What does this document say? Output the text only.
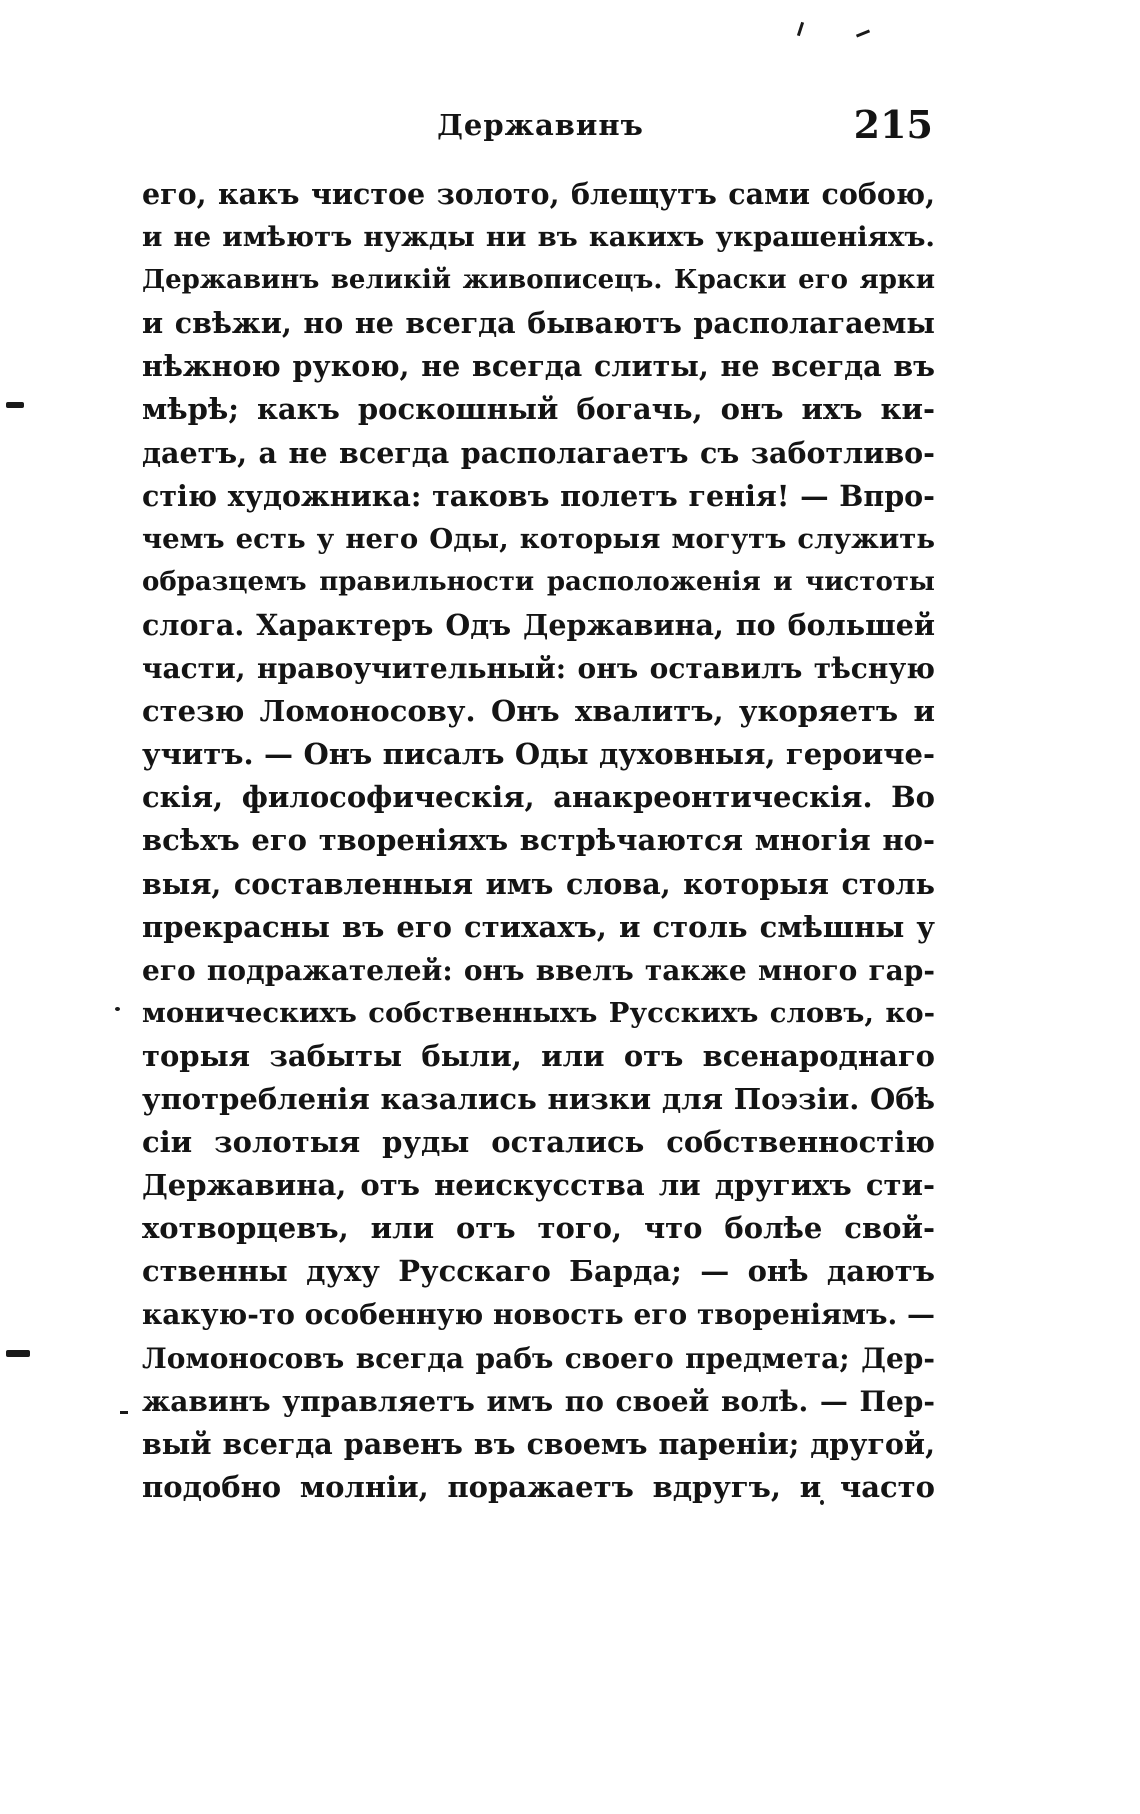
Державинъ	215
его, какъ чистое золото, блещутъ сами собою,
и не имѣютъ нужды ни въ какихъ украшеніяхъ.
Державинъ великій живописецъ. Краски его ярки
и свѣжи, но не всегда бываютъ располагаемы
нѣжною рукою, не всегда слиты, не всегда въ
мѣрѣ; какъ роскошный богачь, онъ ихъ ки-
даетъ, а не всегда располагаетъ съ заботливо-
стію художника: таковъ полетъ генія! — Впро-
чемъ есть у него Оды, которыя могутъ служить
образцемъ правильности расположенія и чистоты
слога. Характеръ Одъ Державина, по большей
части, нравоучительный: онъ оставилъ тѣсную
стезю Ломоносову. Онъ хвалитъ, укоряетъ и
учитъ. — Онъ писалъ Оды духовныя, героиче-
скія, философическія, анакреонтическія. Во
всѣхъ его твореніяхъ встрѣчаются многія но-
выя, составленныя имъ слова, которыя столь
прекрасны въ его стихахъ, и столь смѣшны у
его подражателей: онъ ввелъ также много гар-
моническихъ собственныхъ Русскихъ словъ, ко-
торыя забыты были, или отъ всенароднаго
употребленія казались низки для Поэзіи. Обѣ
сіи золотыя руды остались собственностію
Державина, отъ неискусства ли другихъ сти-
хотворцевъ, или отъ того, что болѣе свой-
ственны духу Русскаго Барда; — онѣ даютъ
какую-то особенную новость его твореніямъ. —
Ломоносовъ всегда рабъ своего предмета; Дер-
жавинъ управляетъ имъ по своей волѣ. — Пер-
вый всегда равенъ въ своемъ пареніи; другой,
подобно молніи, поражаетъ вдругъ, и часто
